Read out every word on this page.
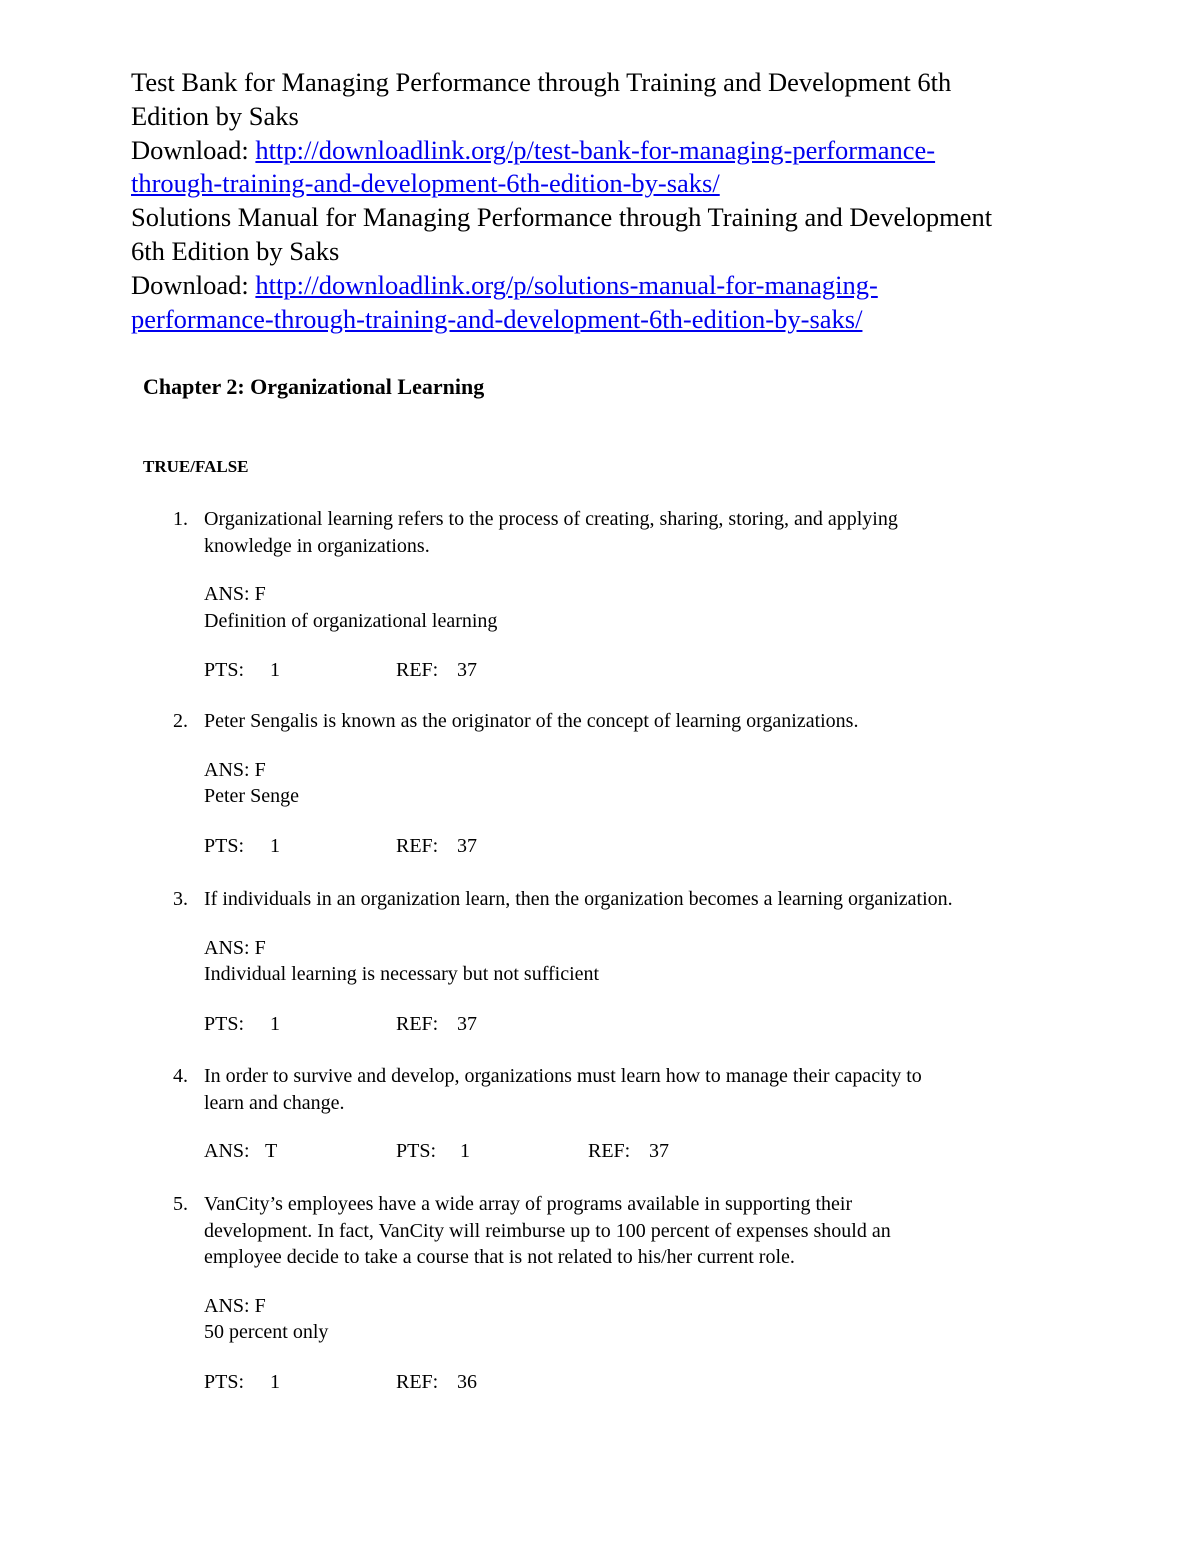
Test Bank for Managing Performance through Training and Development 6th
Edition by Saks

Download: http://downloadlink.org/p/test-bank-for-managing-performance-
through-training-and-development-6th-edition-by-saks/

Solutions Manual for Managing Performance through Training and Development
6th Edition by Saks

Download: http://downloadlink.org/p/solutions-manual-for-managing-
performance-through-training-and-development-6th-edition-by-saks/

Chapter 2: Organizational Learning
TRUE/FALSE
1. Organizational learning refers to the process of creating, sharing, storing, and applying
knowledge in organizations.

ANS: F
Definition of organizational learning
PTS: 1	REF: 37
2. Peter Sengalis is known as the originator of the concept of learning organizations.

ANS: F
Peter Senge
PTS: 1	REF: 37
3. If individuals in an organization learn, then the organization becomes a learning organization.

ANS: F
Individual learning is necessary but not sufficient
PTS: 1	REF: 37
4. In order to survive and develop, organizations must learn how to manage their capacity to
learn and change.

ANS: T	PTS: 1	REF: 37
5. VanCity’s employees have a wide array of programs available in supporting their
development. In fact, VanCity will reimburse up to 100 percent of expenses should an
employee decide to take a course that is not related to his/her current role.

ANS: F
50 percent only
PTS: 1	REF: 36
